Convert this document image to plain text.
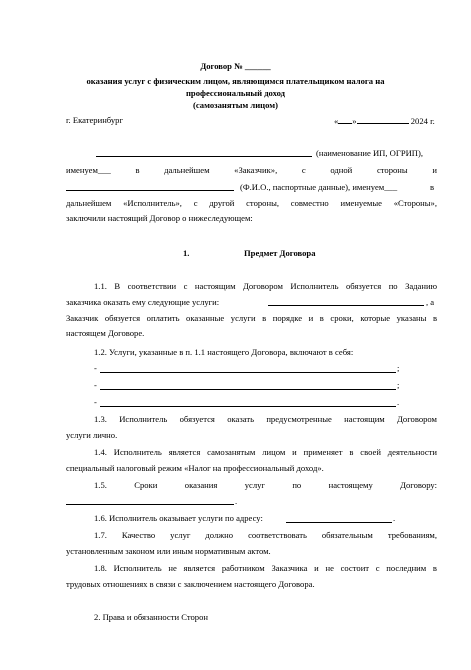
Договор № ______
оказания услуг с физическим лицом, являющимся плательщиком налога на
профессиональный доход
(самозанятым лицом)
г. Екатеринбург	« »	2024 г.
(наименование ИП, ОГРИП),
именуем___	в	дальнейшем	«Заказчик»,	с	одной	стороны	и
(Ф.И.О., паспортные данные), именуем___	в
дальнейшем «Исполнитель», с другой стороны, совместно именуемые «Стороны»,
заключили настоящий Договор о нижеследующем:
1.	Предмет Договора
1.1. В соответствии с настоящим Договором Исполнитель обязуется по Заданию
заказчика оказать ему следующие услуги:	, а
Заказчик обязуется оплатить оказанные услуги в порядке и в сроки, которые указаны в
настоящем Договоре.
1.2. Услуги, указанные в п. 1.1 настоящего Договора, включают в себя:
-	;
-	;
-	.
1.3. Исполнитель обязуется оказать предусмотренные настоящим Договором
услуги лично.
1.4. Исполнитель является самозанятым лицом и применяет в своей деятельности
специальный налоговый режим «Налог на профессиональный доход».
1.5.	Сроки	оказания	услуг	по	настоящему	Договору:
.
1.6. Исполнитель оказывает услуги по адресу:	.
1.7. Качество услуг должно соответствовать обязательным требованиям,
установленным законом или иным нормативным актом.
1.8. Исполнитель не является работником Заказчика и не состоит с последним в
трудовых отношениях в связи с заключением настоящего Договора.
2. Права и обязанности Сторон
